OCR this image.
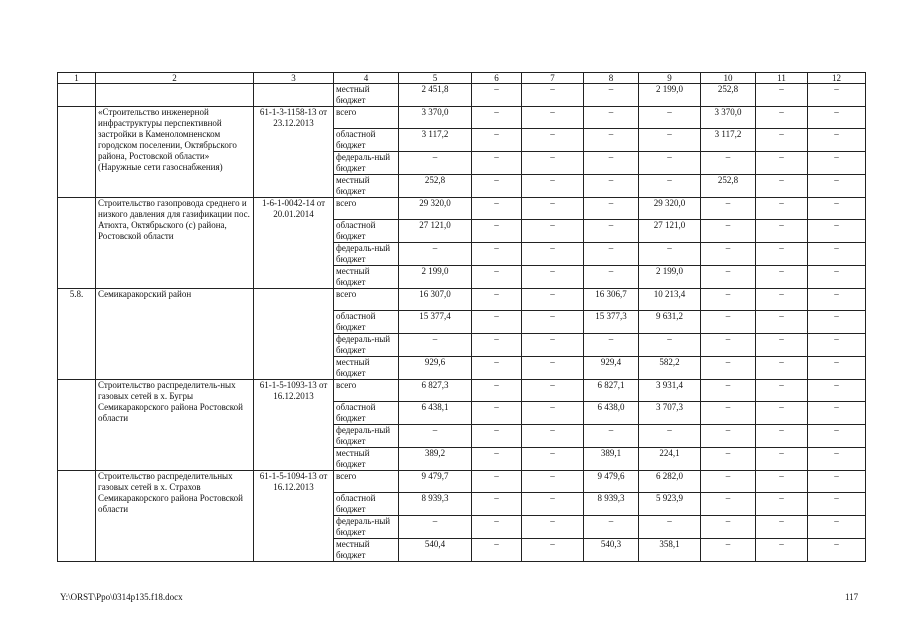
1	2	3	4	5	6	7	8	9	10	11	12
			местный бюджет	2 451,8	–	–	–	2 199,0	252,8	–	–
	«Строительство инженерной инфраструктуры перспективной застройки в Каменоломненском городском поселении, Октябрьского района, Ростовской области» (Наружные сети газоснабжения)	61-1-3-1158-13 от 23.12.2013	всего	3 370,0	–	–	–	–	3 370,0	–	–
			областной бюджет	3 117,2	–	–	–	–	3 117,2	–	–
			федераль-ный бюджет	–	–	–	–	–	–	–	–
			местный бюджет	252,8	–	–	–	–	252,8	–	–
	Строительство газопровода среднего и низкого давления для газификации пос. Атюхта, Октябрьского (с) района, Ростовской области	1-6-1-0042-14 от 20.01.2014	всего	29 320,0	–	–	–	29 320,0	–	–	–
			областной бюджет	27 121,0	–	–	–	27 121,0	–	–	–
			федераль-ный бюджет	–	–	–	–	–	–	–	–
			местный бюджет	2 199,0	–	–	–	2 199,0	–	–	–
5.8.	Семикаракорский район		всего	16 307,0	–	–	16 306,7	10 213,4	–	–	–
			областной бюджет	15 377,4	–	–	15 377,3	9 631,2	–	–	–
			федераль-ный бюджет	–	–	–	–	–	–	–	–
			местный бюджет	929,6	–	–	929,4	582,2	–	–	–
	Строительство распределитель-ных газовых сетей в х. Бугры Семикаракорского района Ростовской области	61-1-5-1093-13 от 16.12.2013	всего	6 827,3	–	–	6 827,1	3 931,4	–	–	–
			областной бюджет	6 438,1	–	–	6 438,0	3 707,3	–	–	–
			федераль-ный бюджет	–	–	–	–	–	–	–	–
			местный бюджет	389,2	–	–	389,1	224,1	–	–	–
	Строительство распределительных газовых сетей в х. Страхов Семикаракорского района Ростовской области	61-1-5-1094-13 от 16.12.2013	всего	9 479,7	–	–	9 479,6	6 282,0	–	–	–
			областной бюджет	8 939,3	–	–	8 939,3	5 923,9	–	–	–
			федераль-ный бюджет	–	–	–	–	–	–	–	–
			местный бюджет	540,4	–	–	540,3	358,1	–	–	–
Y:\ORST\Ppo\0314p135.f18.docx	117
